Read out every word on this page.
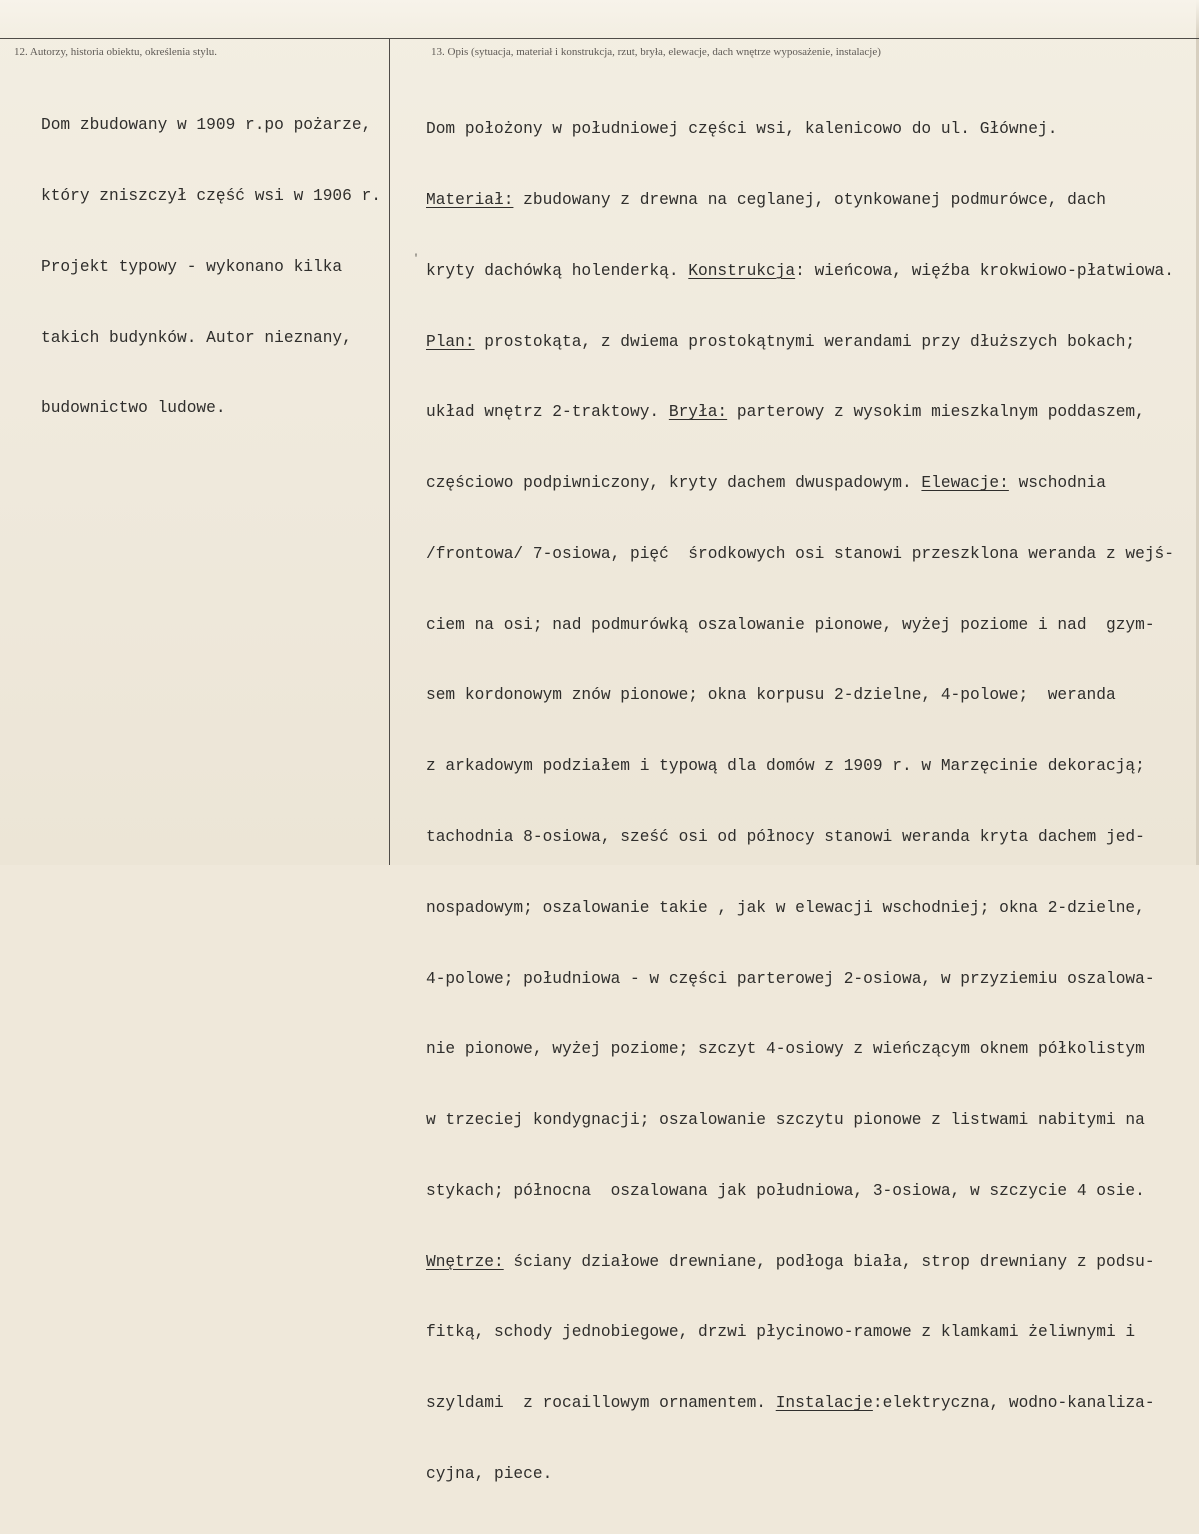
12. Autorzy, historia obiektu, określenia stylu.	13. Opis (sytuacja, materiał i konstrukcja, rzut, bryła, elewacje, dach wnętrze wyposażenie, instalacje)

Dom zbudowany w 1909 r.po pożarze,

który zniszczył część wsi w 1906 r.

Projekt typowy - wykonano kilka

takich budynków. Autor nieznany,

budownictwo ludowe.

'

Dom położony w południowej części wsi, kalenicowo do ul. Głównej.

Materiał: zbudowany z drewna na ceglanej, otynkowanej podmurówce, dach

kryty dachówką holenderką. Konstrukcja: wieńcowa, więźba krokwiowo-płatwiowa.

Plan: prostokąta, z dwiema prostokątnymi werandami przy dłuższych bokach;

układ wnętrz 2-traktowy. Bryła: parterowy z wysokim mieszkalnym poddaszem,

częściowo podpiwniczony, kryty dachem dwuspadowym. Elewacje: wschodnia

/frontowa/ 7-osiowa, pięć  środkowych osi stanowi przeszklona weranda z wejś-

ciem na osi; nad podmurówką oszalowanie pionowe, wyżej poziome i nad  gzym-

sem kordonowym znów pionowe; okna korpusu 2-dzielne, 4-polowe;  weranda

z arkadowym podziałem i typową dla domów z 1909 r. w Marzęcinie dekoracją;

tachodnia 8-osiowa, sześć osi od północy stanowi weranda kryta dachem jed-

nospadowym; oszalowanie takie , jak w elewacji wschodniej; okna 2-dzielne,

4-polowe; południowa - w części parterowej 2-osiowa, w przyziemiu oszalowa-

nie pionowe, wyżej poziome; szczyt 4-osiowy z wieńczącym oknem półkolistym

w trzeciej kondygnacji; oszalowanie szczytu pionowe z listwami nabitymi na

stykach; północna  oszalowana jak południowa, 3-osiowa, w szczycie 4 osie.

Wnętrze: ściany działowe drewniane, podłoga biała, strop drewniany z podsu-

fitką, schody jednobiegowe, drzwi płycinowo-ramowe z klamkami żeliwnymi i

szyldami  z rocaillowym ornamentem. Instalacje:elektryczna, wodno-kanaliza-

cyjna, piece.
